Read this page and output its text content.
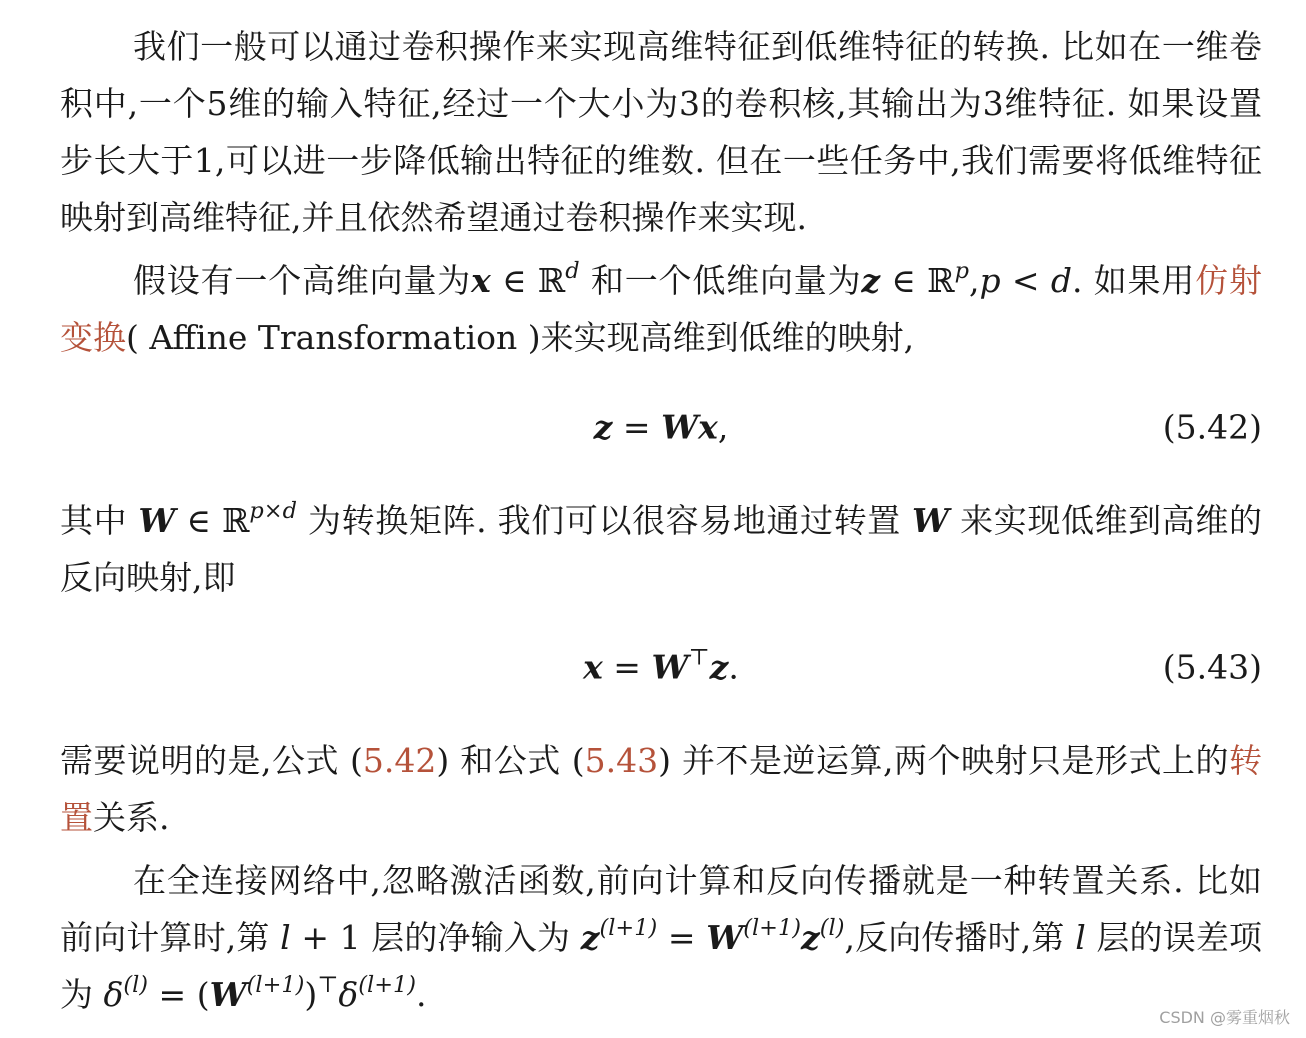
我们一般可以通过卷积操作来实现高维特征到低维特征的转换. 比如在一维卷积中,一个5维的输入特征,经过一个大小为3的卷积核,其输出为3维特征. 如果设置步长大于1,可以进一步降低输出特征的维数. 但在一些任务中,我们需要将低维特征映射到高维特征,并且依然希望通过卷积操作来实现.

假设有一个高维向量为x ∈ ℝ$^d$ 和一个低维向量为z ∈ ℝ$^p$,p < d. 如果用仿射变换( Affine Transformation )来实现高维到低维的映射,

z = Wx,	(5.42)

其中 W ∈ ℝ$^{p\times d}$ 为转换矩阵. 我们可以很容易地通过转置 W 来实现低维到高维的反向映射,即

x = W⊤z.	(5.43)

需要说明的是,公式 (5.42) 和公式 (5.43) 并不是逆运算,两个映射只是形式上的转置关系.

在全连接网络中,忽略激活函数,前向计算和反向传播就是一种转置关系. 比如前向计算时,第 l + 1 层的净输入为 $z^{(l+1)} = W^{(l+1)}z^{(l)}$,反向传播时,第 l 层的误差项为 $\delta^{(l)} = (W^{(l+1)})^⊤\delta^{(l+1)}$.

CSDN @雾重烟秋
